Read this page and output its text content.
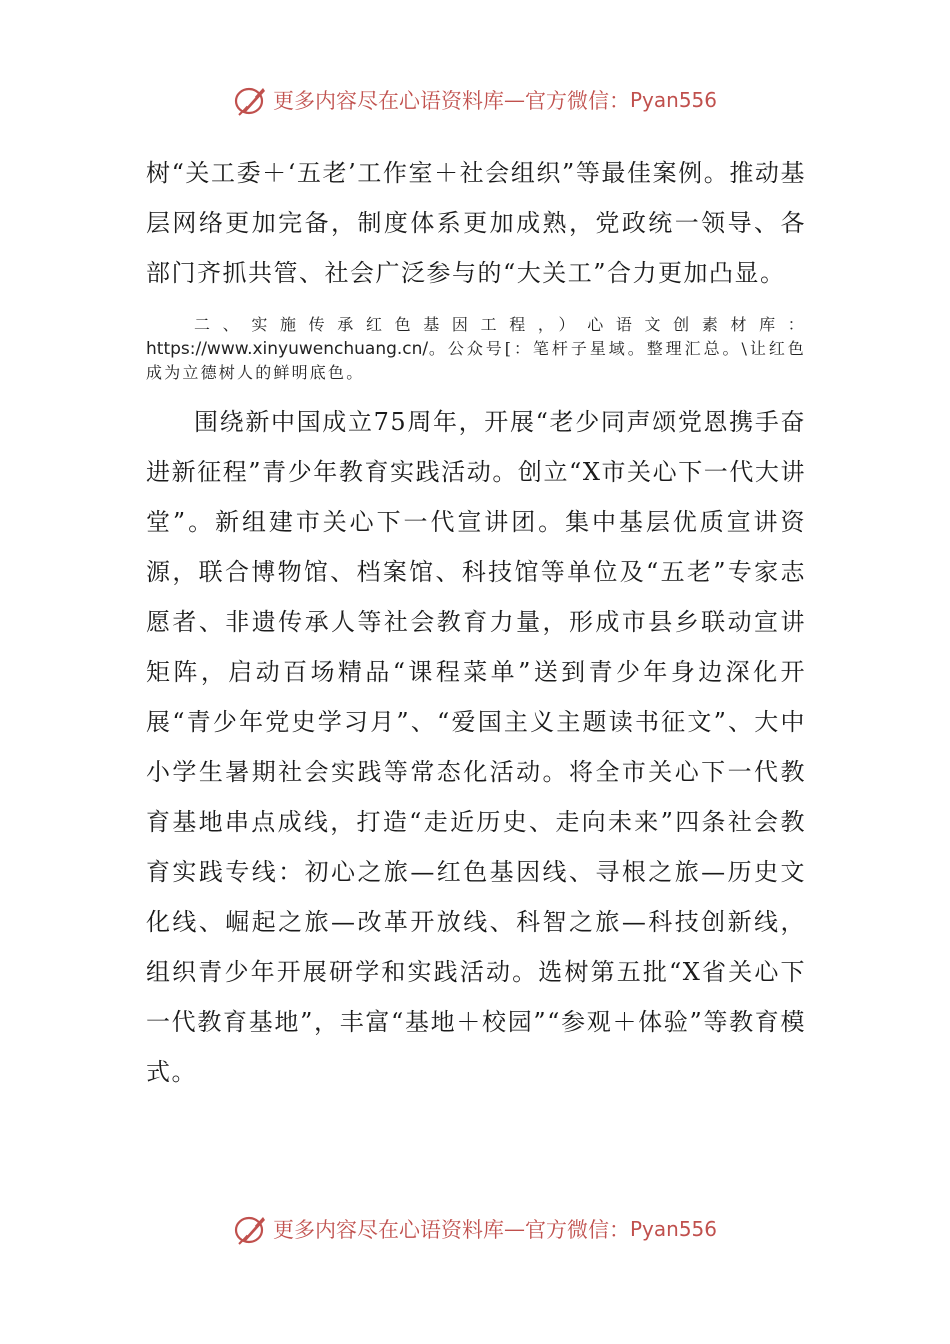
更多内容尽在心语资料库 — 官方微信： Pyan556

树“关工委＋‘五老’工作室＋社会组织”等最佳案例。推动基层网络更加完备，制度体系更加成熟，党政统一领导、各部门齐抓共管、社会广泛参与的“大关工”合力更加凸显。

二、实施传承红色基因工程，）心语文创素材库：https://www.xinyuwenchuang.cn/。公众号[：笔杆子星域。整理汇总。\让红色成为立德树人的鲜明底色。

围绕新中国成立75周年，开展“老少同声颂党恩携手奋进新征程”青少年教育实践活动。创立“X市关心下一代大讲堂”。新组建市关心下一代宣讲团。集中基层优质宣讲资源，联合博物馆、档案馆、科技馆等单位及“五老”专家志愿者、非遗传承人等社会教育力量，形成市县乡联动宣讲矩阵，启动百场精品“课程菜单”送到青少年身边深化开展“青少年党史学习月”、“爱国主义主题读书征文”、大中小学生暑期社会实践等常态化活动。将全市关心下一代教育基地串点成线，打造“走近历史、走向未来”四条社会教育实践专线：初心之旅—红色基因线、寻根之旅—历史文化线、崛起之旅—改革开放线、科智之旅—科技创新线，组织青少年开展研学和实践活动。选树第五批“X省关心下一代教育基地”，丰富“基地＋校园”“参观＋体验”等教育模式。

更多内容尽在心语资料库 — 官方微信： Pyan556
